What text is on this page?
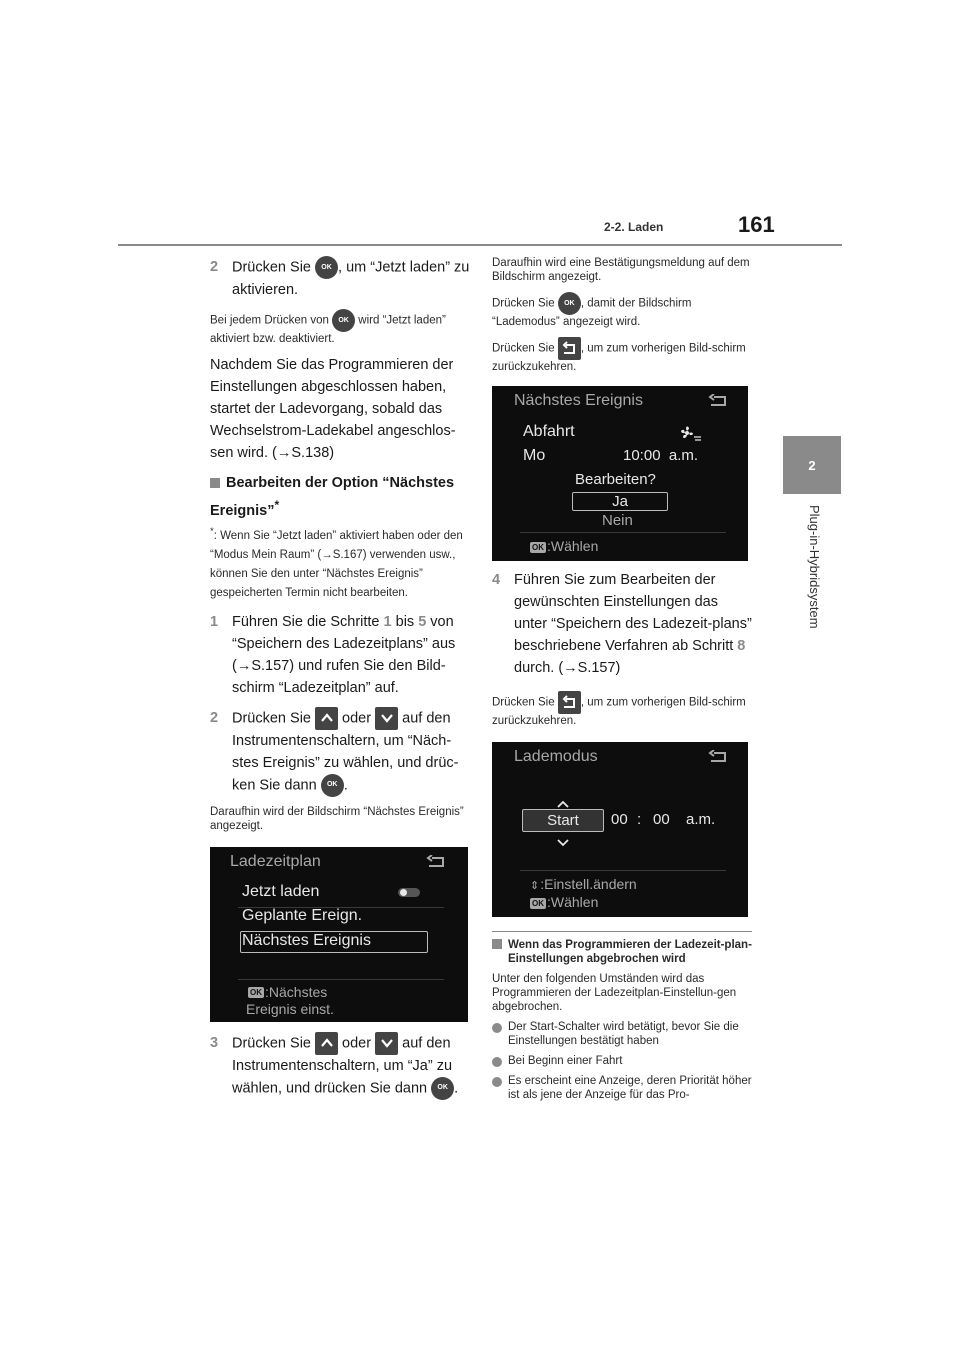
2-2. Laden	161
2
Plug-in-Hybridsystem
2 Drücken Sie OK , um “Jetzt laden” zu aktivieren.
Bei jedem Drücken von OK wird “Jetzt laden” aktiviert bzw. deaktiviert.
Nachdem Sie das Programmieren der Einstellungen abgeschlossen haben, startet der Ladevorgang, sobald das Wechselstrom-Ladekabel angeschlos-sen wird. (→S.138)
Bearbeiten der Option “Nächstes Ereignis”*
*: Wenn Sie “Jetzt laden” aktiviert haben oder den “Modus Mein Raum” (→S.167) verwenden usw., können Sie den unter “Nächstes Ereignis” gespeicherten Termin nicht bearbeiten.
1 Führen Sie die Schritte 1 bis 5 von “Speichern des Ladezeitplans” aus (→S.157) und rufen Sie den Bild-schirm “Ladezeitplan” auf.
2 Drücken Sie
oder
auf den Instrumentenschaltern, um “Näch-stes Ereignis” zu wählen, und drüc-ken Sie dann OK .
Daraufhin wird der Bildschirm “Nächstes Ereignis” angezeigt.
Ladezeitplan
Jetzt laden
Geplante Ereign.
Nächstes Ereignis
OK :Nächstes
Ereignis einst.
3 Drücken Sie
oder
auf den Instrumentenschaltern, um “Ja” zu wählen, und drücken Sie dann OK .
Daraufhin wird eine Bestätigungsmeldung auf dem Bildschirm angezeigt.
Drücken Sie OK , damit der Bildschirm “Lademodus” angezeigt wird.
Drücken Sie
, um zum vorherigen Bild-schirm zurückzukehren.
Nächstes Ereignis
Abfahrt
Mo	10:00  a.m.
Bearbeiten?
Ja
Nein
OK :Wählen
4 Führen Sie zum Bearbeiten der gewünschten Einstellungen das unter “Speichern des Ladezeit-plans” beschriebene Verfahren ab Schritt 8 durch. (→S.157)
Drücken Sie
, um zum vorherigen Bild-schirm zurückzukehren.
Lademodus
Start	00 : 00 a.m.
⇕:Einstell.ändern
OK :Wählen
Wenn das Programmieren der Ladezeit-plan-Einstellungen abgebrochen wird
Unter den folgenden Umständen wird das Programmieren der Ladezeitplan-Einstellun-gen abgebrochen.
Der Start-Schalter wird betätigt, bevor Sie die Einstellungen bestätigt haben
Bei Beginn einer Fahrt
Es erscheint eine Anzeige, deren Priorität höher ist als jene der Anzeige für das Pro-
